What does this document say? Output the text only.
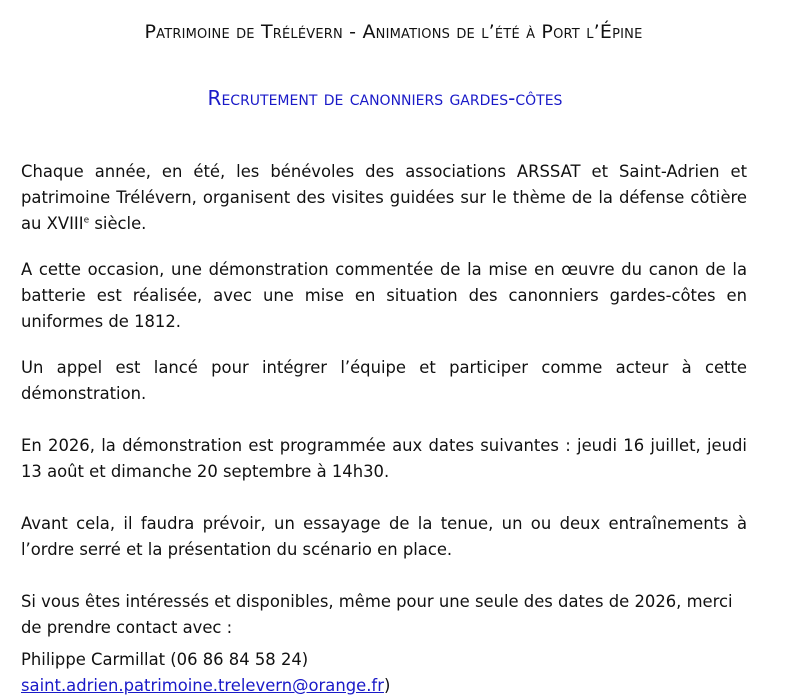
Patrimoine de Trélévern - Animations de l’été à Port l’Épine
Recrutement de canonniers gardes-côtes

Chaque année, en été, les bénévoles des associations ARSSAT et Saint-Adrien et patrimoine Trélévern, organisent des visites guidées sur le thème de la défense côtière au XVIIIe siècle.

A cette occasion, une démonstration commentée de la mise en œuvre du canon de la batterie est réalisée, avec une mise en situation des canonniers gardes-côtes en uniformes de 1812.

Un appel est lancé pour intégrer l’équipe et participer comme acteur à cette démonstration.

En 2026, la démonstration est programmée aux dates suivantes : jeudi 16 juillet, jeudi 13 août et dimanche 20 septembre à 14h30.

Avant cela, il faudra prévoir, un essayage de la tenue, un ou deux entraînements à l’ordre serré et la présentation du scénario en place.

Si vous êtes intéressés et disponibles, même pour une seule des dates de 2026, merci de prendre contact avec :

Philippe Carmillat (06 86 84 58 24)

saint.adrien.patrimoine.trelevern@orange.fr)
